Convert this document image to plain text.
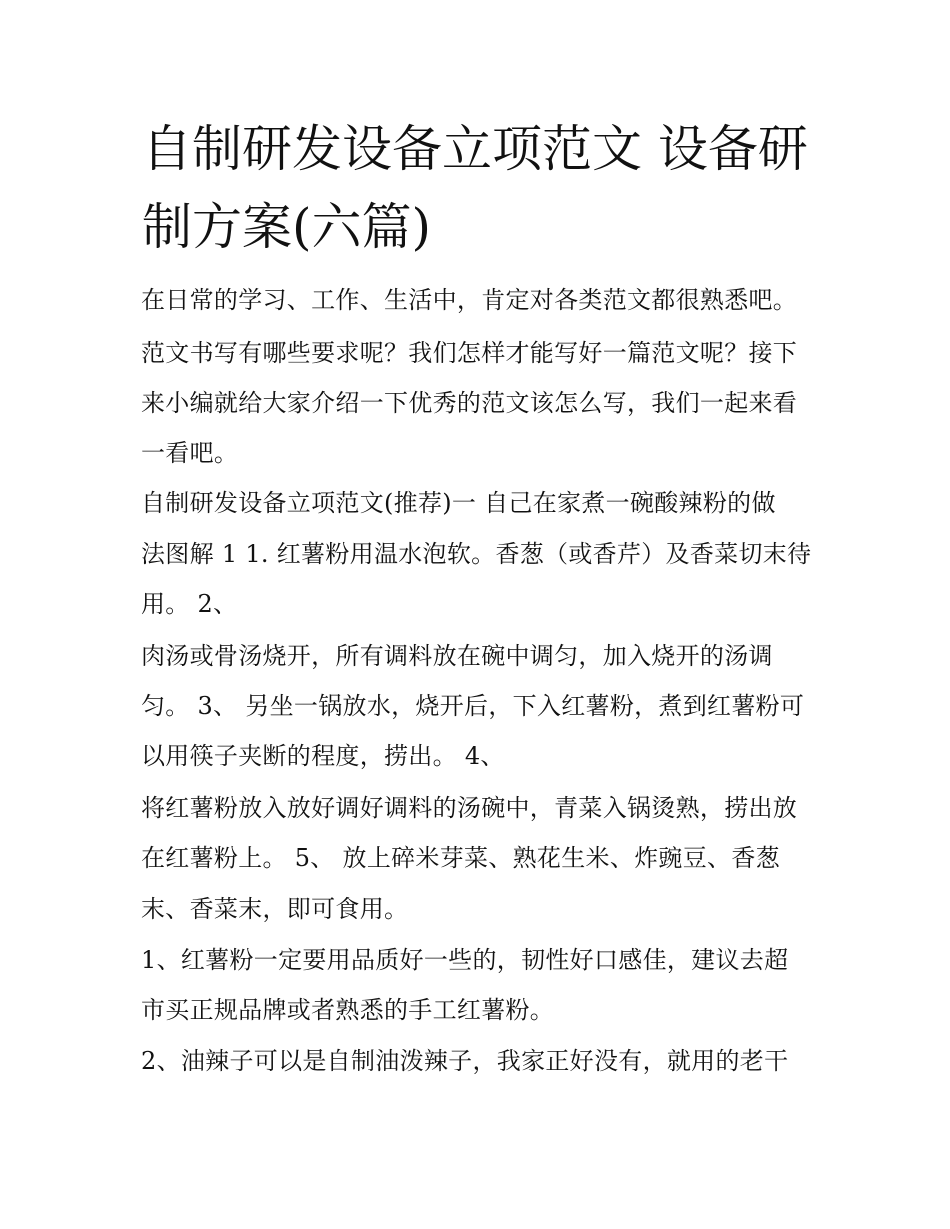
自制研发设备立项范文 设备研
制方案(六篇)

在日常的学习、工作、生活中，肯定对各类范文都很熟悉吧。

范文书写有哪些要求呢？我们怎样才能写好一篇范文呢？接下

来小编就给大家介绍一下优秀的范文该怎么写，我们一起来看

一看吧。

自制研发设备立项范文(推荐)一 自己在家煮一碗酸辣粉的做

法图解 1 1. 红薯粉用温水泡软。香葱（或香芹）及香菜切末待

用。 2、

肉汤或骨汤烧开，所有调料放在碗中调匀，加入烧开的汤调

匀。 3、 另坐一锅放水，烧开后，下入红薯粉，煮到红薯粉可

以用筷子夹断的程度，捞出。 4、

将红薯粉放入放好调好调料的汤碗中，青菜入锅烫熟，捞出放

在红薯粉上。 5、 放上碎米芽菜、熟花生米、炸豌豆、香葱

末、香菜末，即可食用。

1、红薯粉一定要用品质好一些的，韧性好口感佳，建议去超

市买正规品牌或者熟悉的手工红薯粉。

2、油辣子可以是自制油泼辣子，我家正好没有，就用的老干
